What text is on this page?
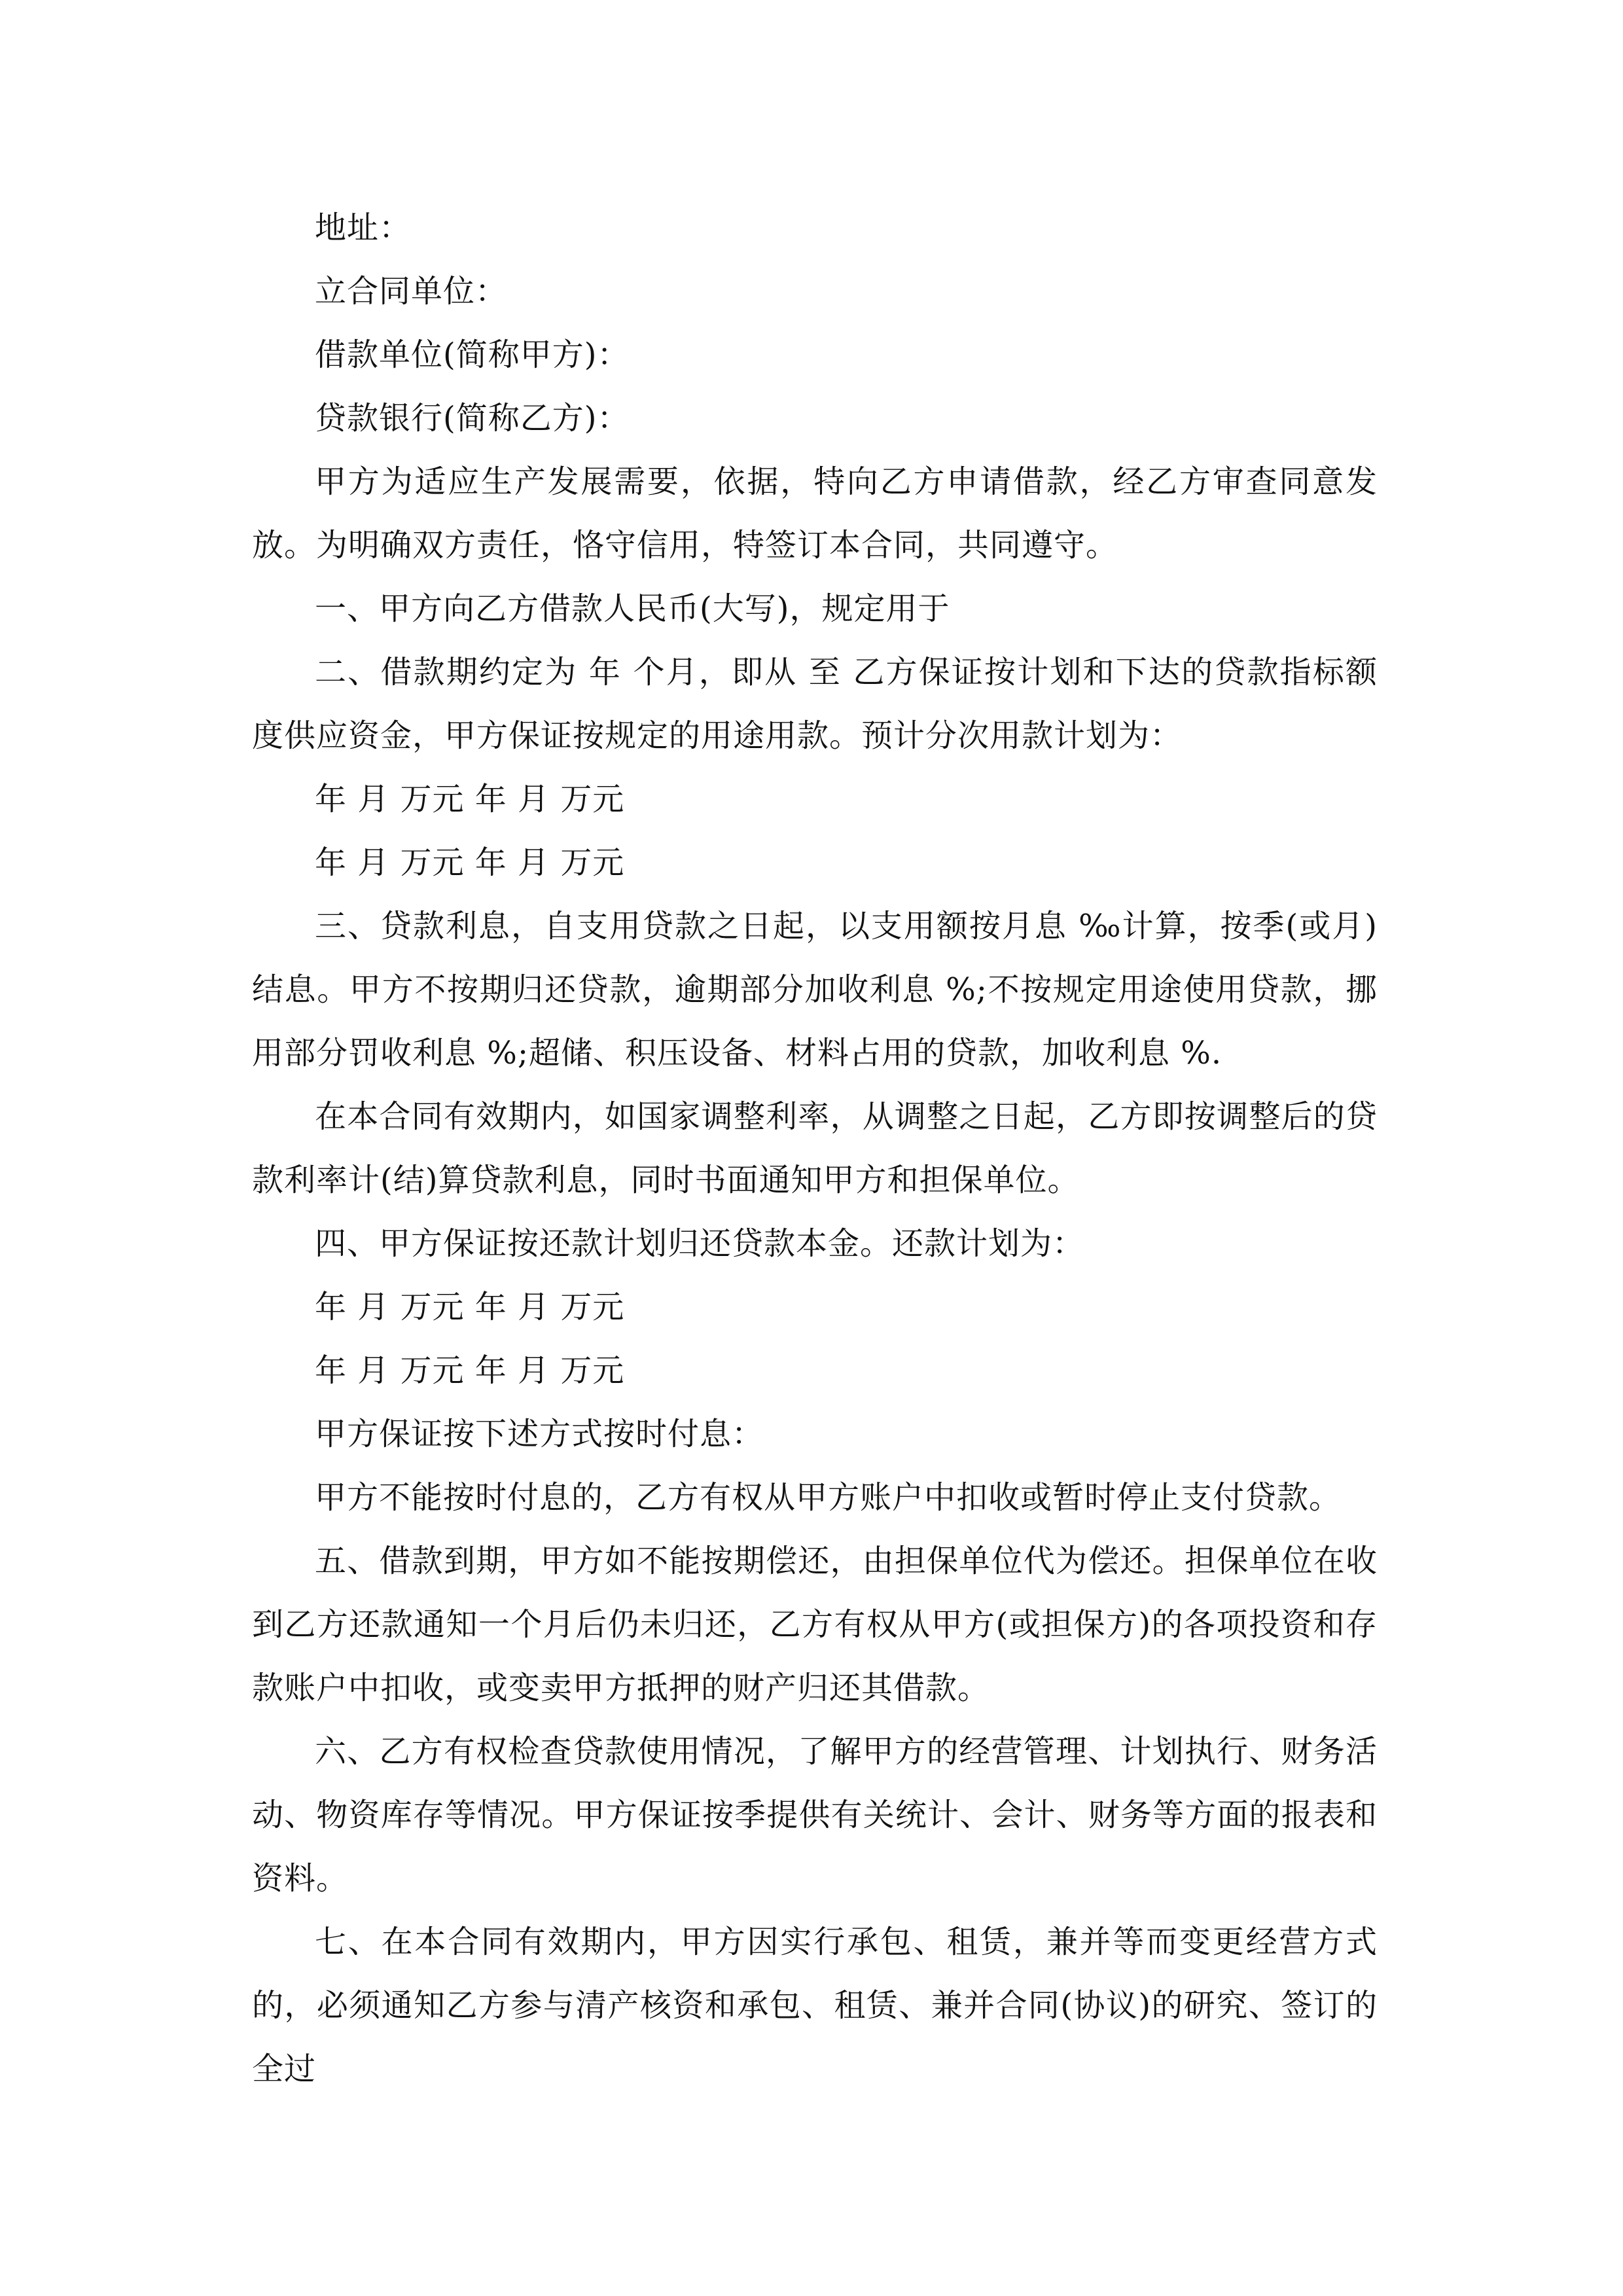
地址：

立合同单位：

借款单位(简称甲方)：

贷款银行(简称乙方)：

甲方为适应生产发展需要，依据，特向乙方申请借款，经乙方审查同意发放。为明确双方责任，恪守信用，特签订本合同，共同遵守。

一、甲方向乙方借款人民币(大写)，规定用于

二、借款期约定为 年 个月，即从 至 乙方保证按计划和下达的贷款指标额度供应资金，甲方保证按规定的用途用款。预计分次用款计划为：

年 月 万元 年 月 万元

年 月 万元 年 月 万元

三、贷款利息，自支用贷款之日起，以支用额按月息 ‰计算，按季(或月)结息。甲方不按期归还贷款，逾期部分加收利息 %;不按规定用途使用贷款，挪用部分罚收利息 %;超储、积压设备、材料占用的贷款，加收利息 %.

在本合同有效期内，如国家调整利率，从调整之日起，乙方即按调整后的贷款利率计(结)算贷款利息，同时书面通知甲方和担保单位。

四、甲方保证按还款计划归还贷款本金。还款计划为：

年 月 万元 年 月 万元

年 月 万元 年 月 万元

甲方保证按下述方式按时付息：

甲方不能按时付息的，乙方有权从甲方账户中扣收或暂时停止支付贷款。

五、借款到期，甲方如不能按期偿还，由担保单位代为偿还。担保单位在收到乙方还款通知一个月后仍未归还，乙方有权从甲方(或担保方)的各项投资和存款账户中扣收，或变卖甲方抵押的财产归还其借款。

六、乙方有权检查贷款使用情况，了解甲方的经营管理、计划执行、财务活动、物资库存等情况。甲方保证按季提供有关统计、会计、财务等方面的报表和资料。

七、在本合同有效期内，甲方因实行承包、租赁，兼并等而变更经营方式的，必须通知乙方参与清产核资和承包、租赁、兼并合同(协议)的研究、签订的全过
